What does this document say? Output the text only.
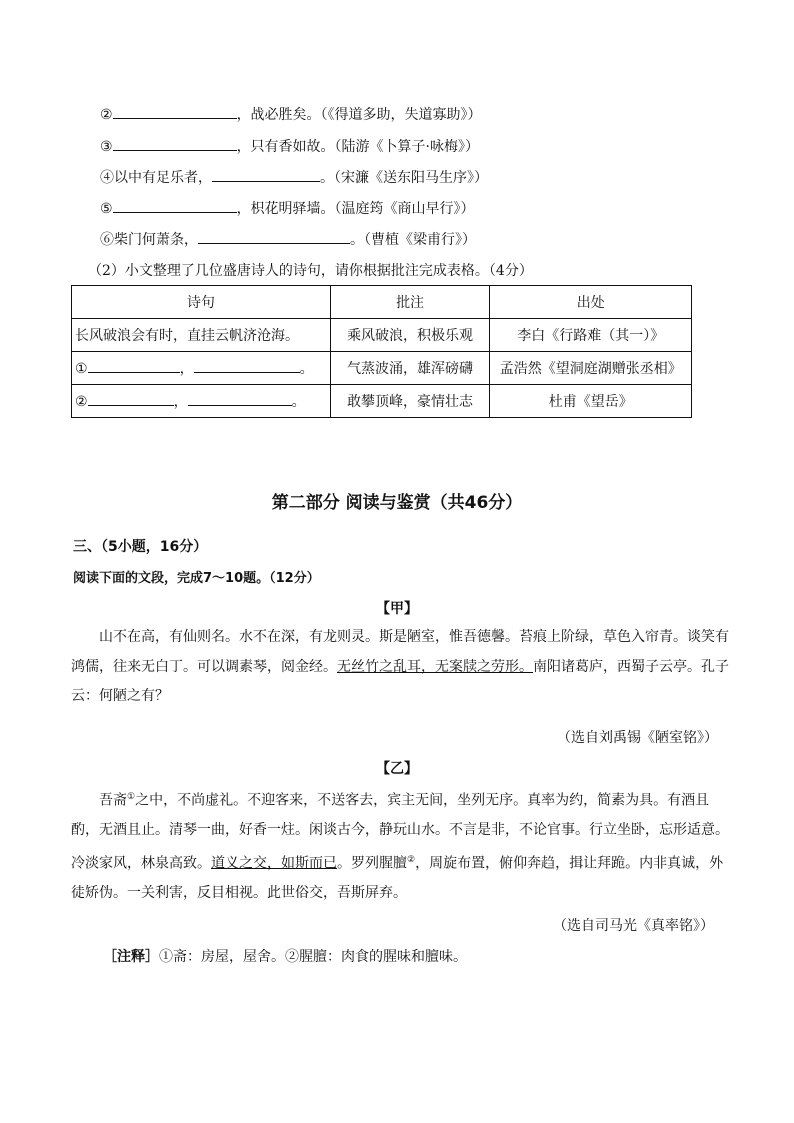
②	，战必胜矣。（《得道多助，失道寡助》）
③	，只有香如故。（陆游《卜算子·咏梅》）
④以中有足乐者，	。（宋濂《送东阳马生序》）
⑤	，枳花明驿墙。（温庭筠《商山早行》）
⑥柴门何萧条，	。（曹植《梁甫行》）
（2）小文整理了几位盛唐诗人的诗句，请你根据批注完成表格。（4分）
诗句	批注	出处
长风破浪会有时，直挂云帆济沧海。	乘风破浪，积极乐观	李白《行路难（其一）》
① ， 。	气蒸波涌，雄浑磅礴	孟浩然《望洞庭湖赠张丞相》
② ， 。	敢攀顶峰，豪情壮志	杜甫《望岳》
第二部分 阅读与鉴赏（共46分）
三、（5小题，16分）
阅读下面的文段，完成7～10题。（12分）
【甲】
山不在高，有仙则名。水不在深，有龙则灵。斯是陋室，惟吾德馨。苔痕上阶绿，草色入帘青。谈笑有鸿儒，往来无白丁。可以调素琴，阅金经。无丝竹之乱耳，无案牍之劳形。南阳诸葛庐，西蜀子云亭。孔子云：何陋之有？
（选自刘禹锡《陋室铭》）
【乙】
吾斋①之中，不尚虚礼。不迎客来，不送客去，宾主无间，坐列无序。真率为约，简素为具。有酒且酌，无酒且止。清琴一曲，好香一炷。闲谈古今，静玩山水。不言是非，不论官事。行立坐卧，忘形适意。冷淡家风，林泉高致。道义之交，如斯而已。罗列腥膻②，周旋布置，俯仰奔趋，揖让拜跪。内非真诚，外徒矫伪。一关利害，反目相视。此世俗交，吾斯屏弃。
（选自司马光《真率铭》）
［注释］①斋：房屋，屋舍。②腥膻：肉食的腥味和膻味。
